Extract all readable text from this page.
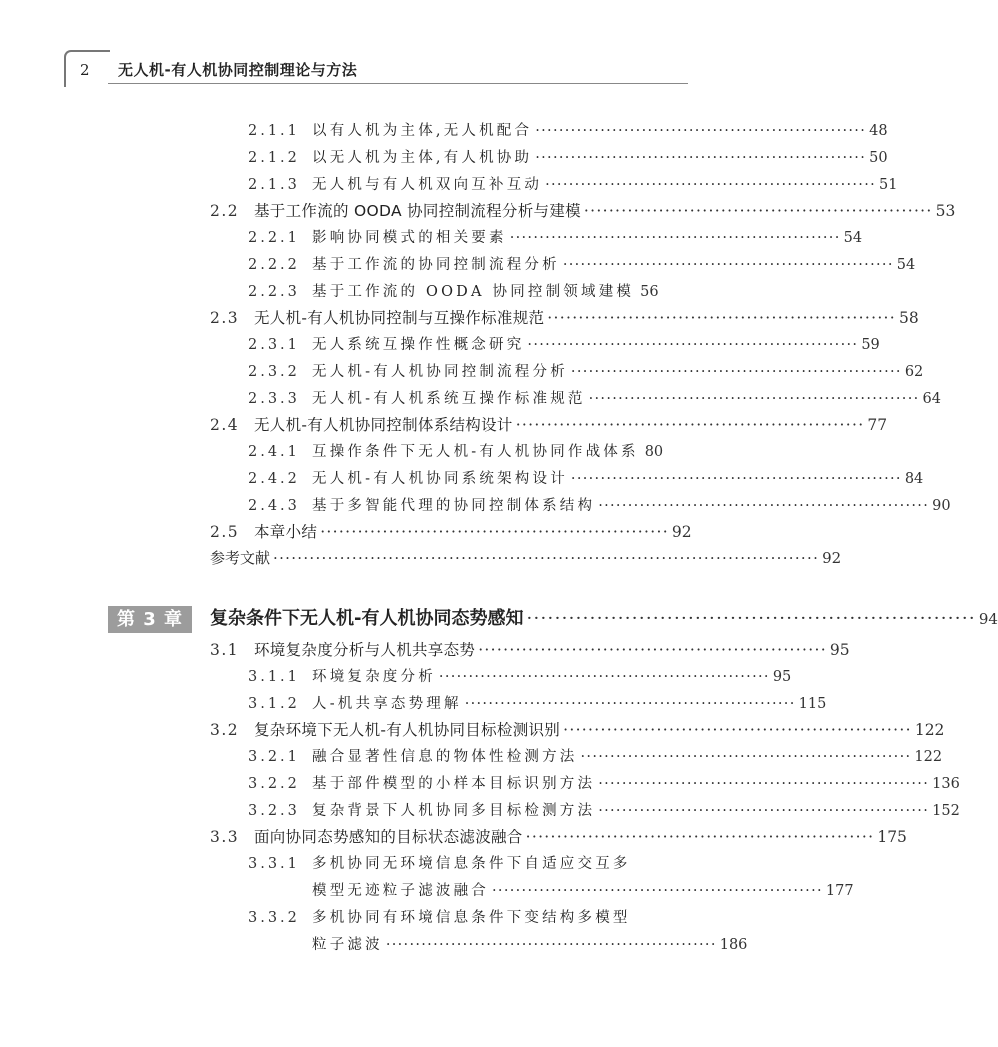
2 无人机-有人机协同控制理论与方法
2.1.1 以有人机为主体,无人机配合 ························································ 48
2.1.2 以无人机为主体,有人机协助 ························································ 50
2.1.3 无人机与有人机双向互补互动 ························································ 51
2.2 基于工作流的 OODA 协同控制流程分析与建模 ························································ 53
2.2.1 影响协同模式的相关要素 ························································ 54
2.2.2 基于工作流的协同控制流程分析 ························································ 54
2.2.3 基于工作流的 OODA 协同控制领域建模 56
2.3 无人机-有人机协同控制与互操作标准规范 ························································ 58
2.3.1 无人系统互操作性概念研究 ························································ 59
2.3.2 无人机-有人机协同控制流程分析 ························································ 62
2.3.3 无人机-有人机系统互操作标准规范 ························································ 64
2.4 无人机-有人机协同控制体系结构设计 ························································ 77
2.4.1 互操作条件下无人机-有人机协同作战体系 80
2.4.2 无人机-有人机协同系统架构设计 ························································ 84
2.4.3 基于多智能代理的协同控制体系结构 ························································ 90
2.5 本章小结 ························································ 92
参考文献 ·························································································· 92
第 3 章	复杂条件下无人机-有人机协同态势感知 ································································ 94
3.1 环境复杂度分析与人机共享态势 ························································ 95
3.1.1 环境复杂度分析 ························································ 95
3.1.2 人-机共享态势理解 ························································ 115
3.2 复杂环境下无人机-有人机协同目标检测识别 ························································ 122
3.2.1 融合显著性信息的物体性检测方法 ························································ 122
3.2.2 基于部件模型的小样本目标识别方法 ························································ 136
3.2.3 复杂背景下人机协同多目标检测方法 ························································ 152
3.3 面向协同态势感知的目标状态滤波融合 ························································ 175
3.3.1 多机协同无环境信息条件下自适应交互多
模型无迹粒子滤波融合 ························································ 177
3.3.2 多机协同有环境信息条件下变结构多模型
粒子滤波 ························································ 186
